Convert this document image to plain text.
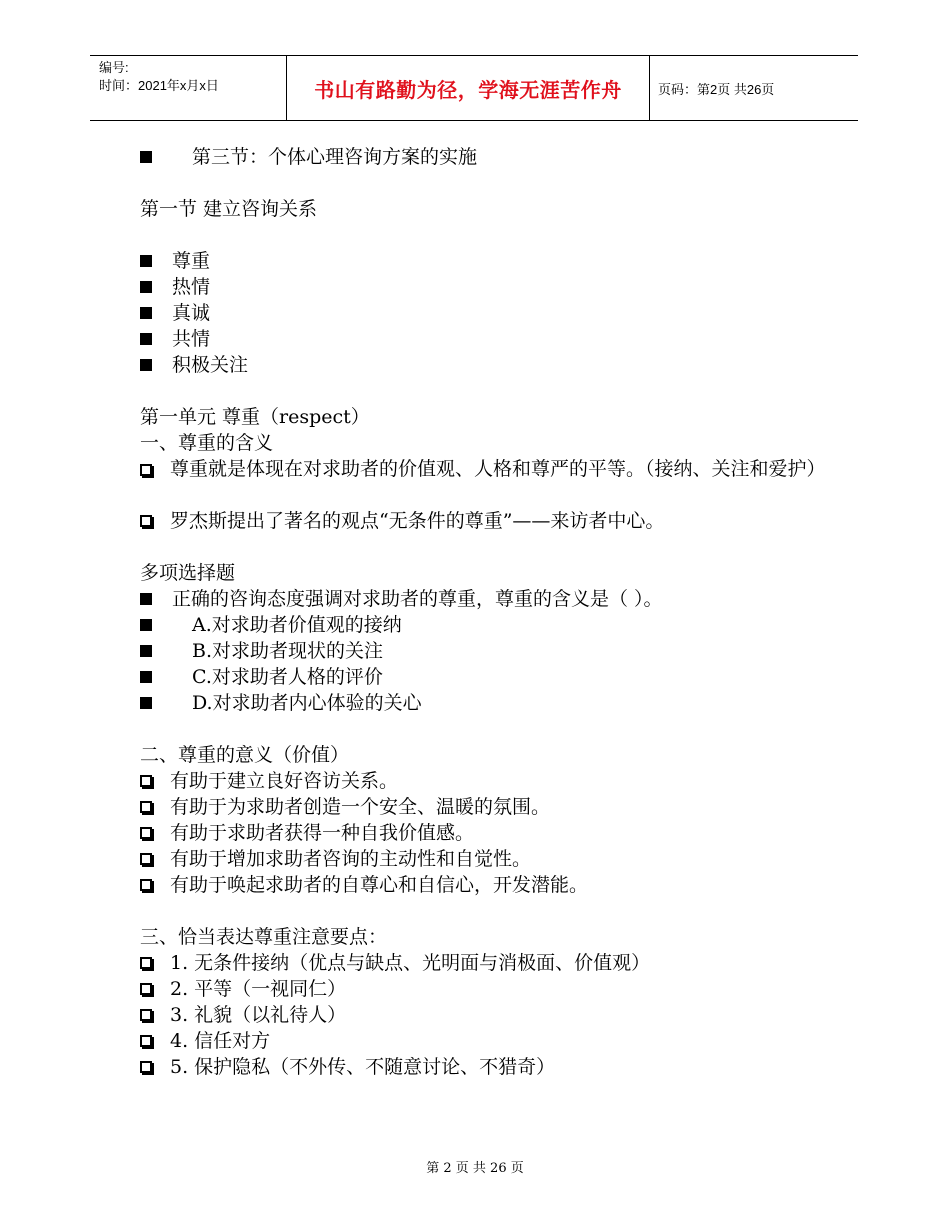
编号:
时间：2021年x月x日	书山有路勤为径，学海无涯苦作舟	页码：第2页 共26页
第三节：个体心理咨询方案的实施
第一节 建立咨询关系
尊重
热情
真诚
共情
积极关注
第一单元 尊重（respect）
一、尊重的含义
尊重就是体现在对求助者的价值观、人格和尊严的平等。（接纳、关注和爱护）
罗杰斯提出了著名的观点“无条件的尊重”——来访者中心。
多项选择题
正确的咨询态度强调对求助者的尊重，尊重的含义是（ ）。
A.对求助者价值观的接纳
B.对求助者现状的关注
C.对求助者人格的评价
D.对求助者内心体验的关心
二、尊重的意义（价值）
有助于建立良好咨访关系。
有助于为求助者创造一个安全、温暖的氛围。
有助于求助者获得一种自我价值感。
有助于增加求助者咨询的主动性和自觉性。
有助于唤起求助者的自尊心和自信心，开发潜能。
三、恰当表达尊重注意要点：
1. 无条件接纳（优点与缺点、光明面与消极面、价值观）
2. 平等（一视同仁）
3. 礼貌（以礼待人）
4. 信任对方
5. 保护隐私（不外传、不随意讨论、不猎奇）
第 2 页 共 26 页
